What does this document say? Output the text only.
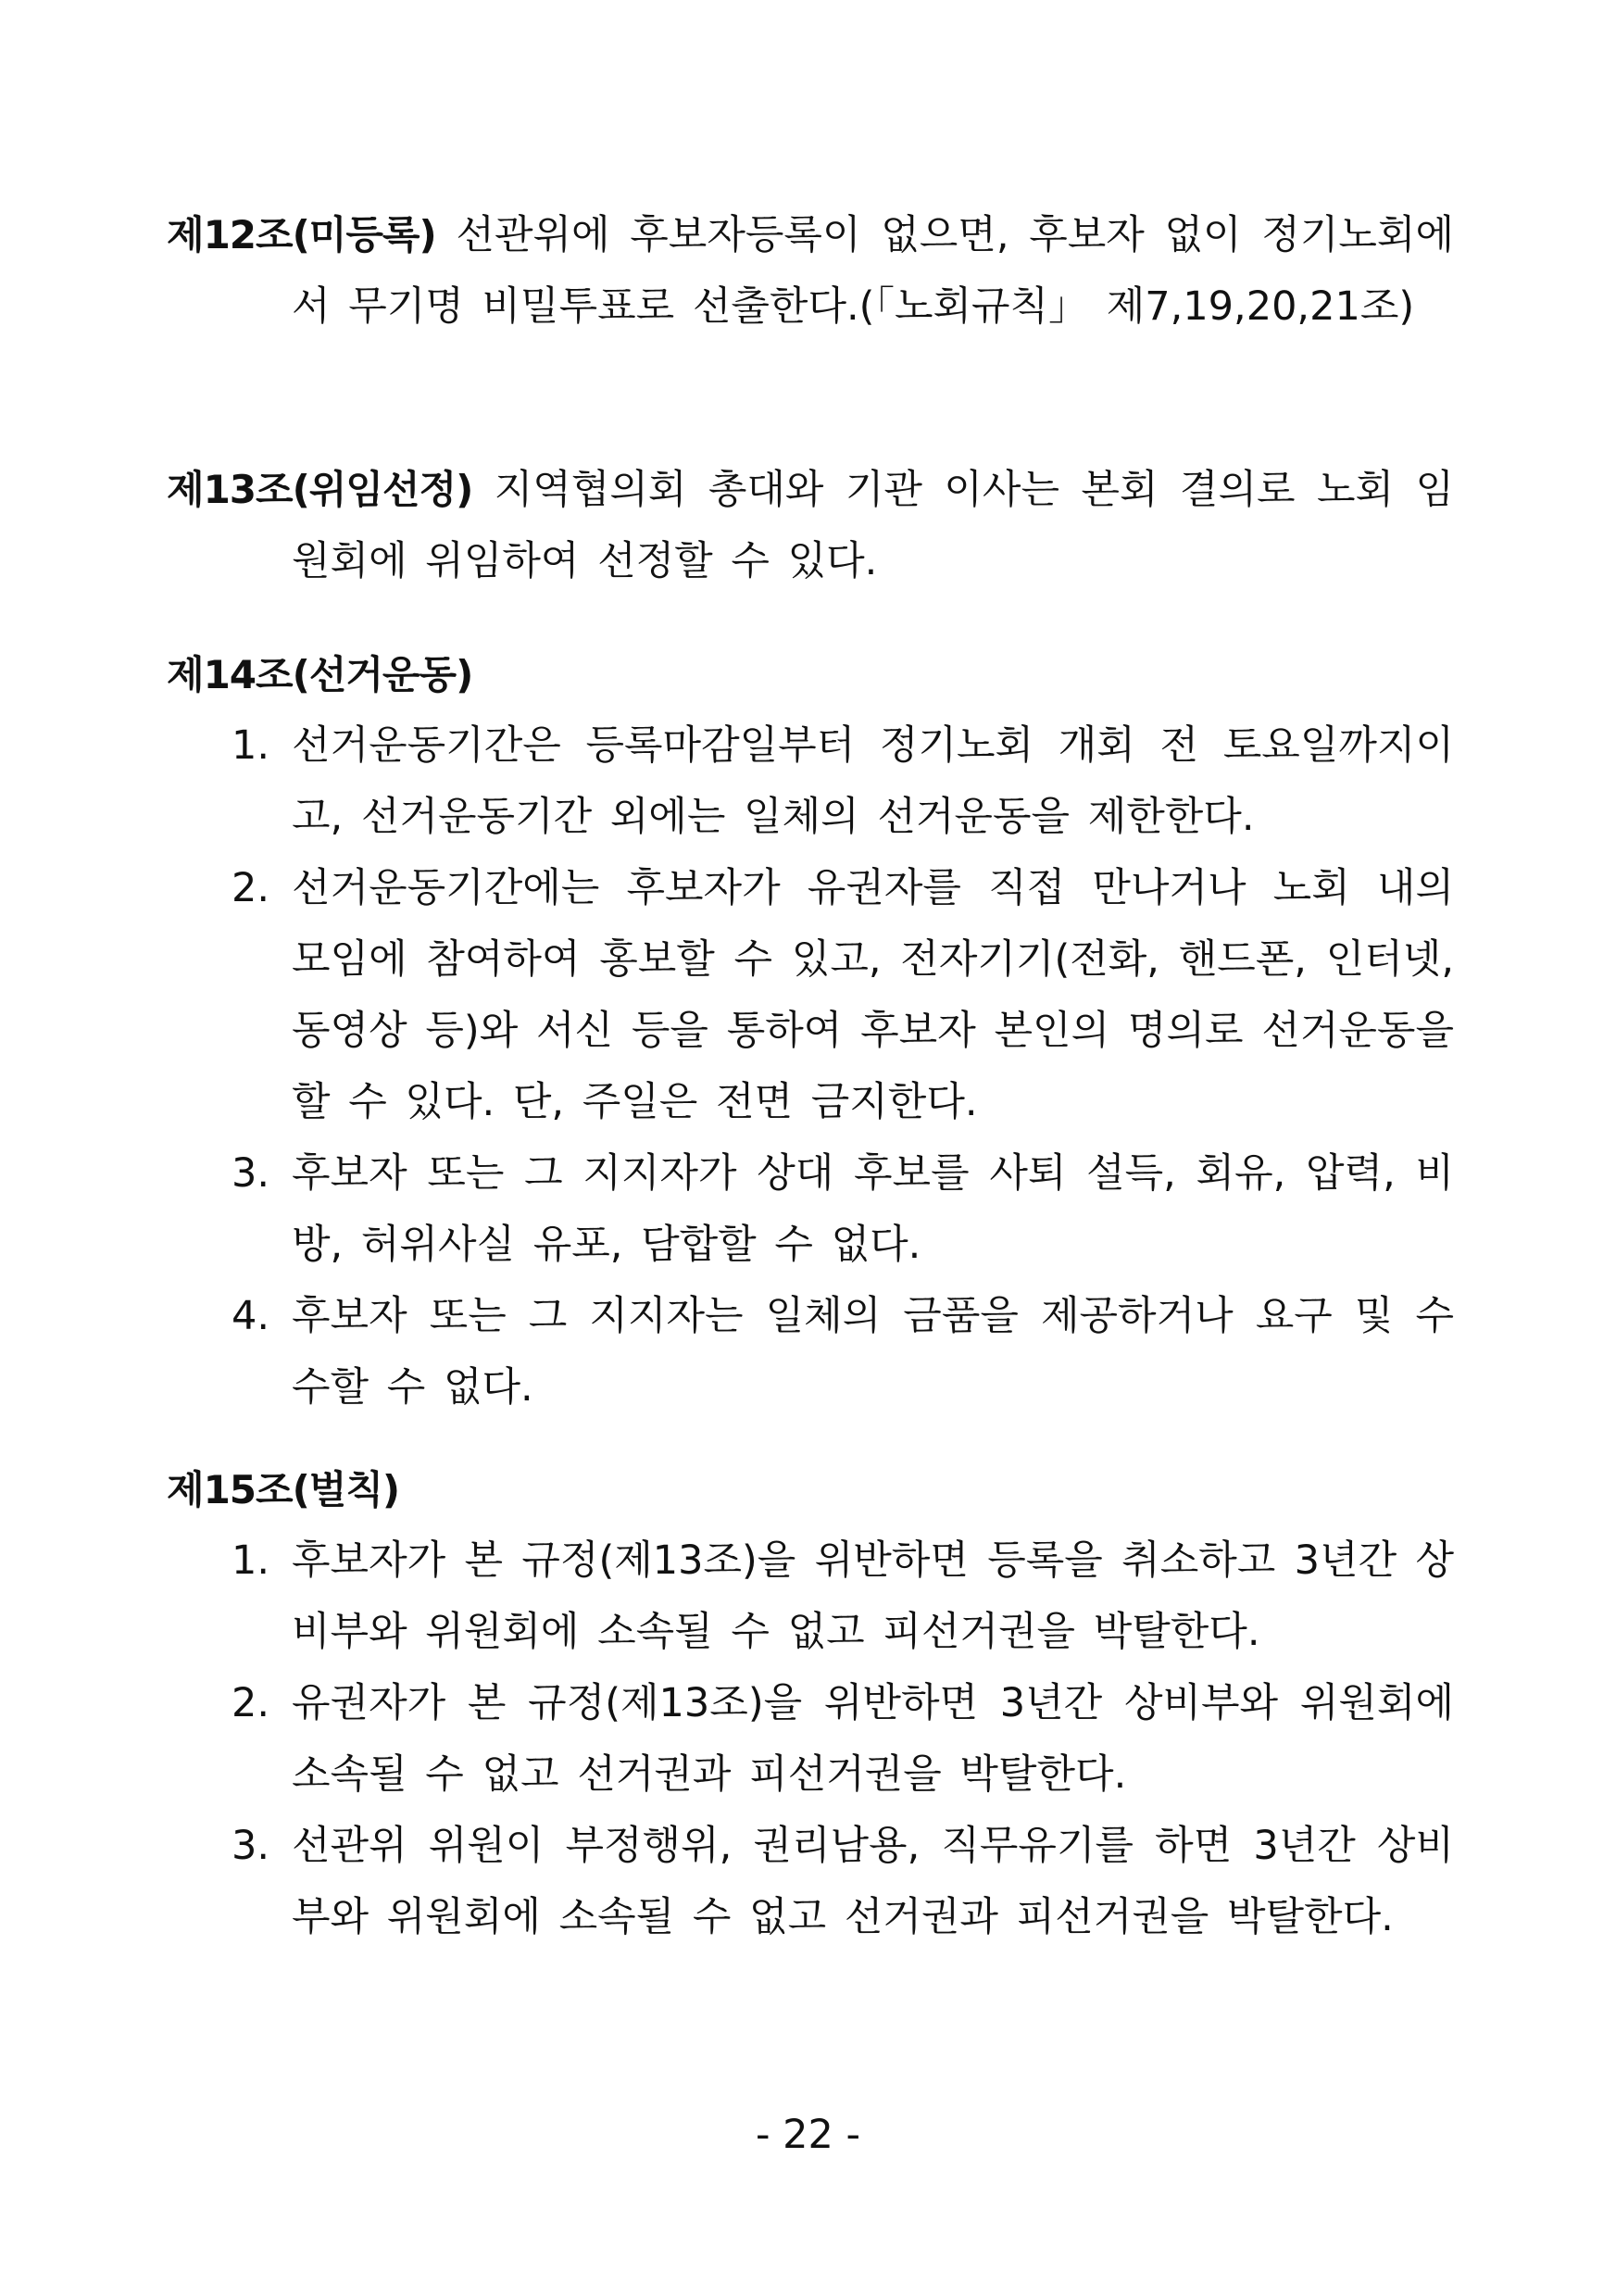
제12조(미등록) 선관위에 후보자등록이 없으면, 후보자 없이 정기노회에서 무기명 비밀투표로 선출한다.(「노회규칙」 제7,19,20,21조)
제13조(위임선정) 지역협의회 총대와 기관 이사는 본회 결의로 노회 임원회에 위임하여 선정할 수 있다.
제14조(선거운동)
1. 선거운동기간은 등록마감일부터 정기노회 개회 전 토요일까지이고, 선거운동기간 외에는 일체의 선거운동을 제한한다.
2. 선거운동기간에는 후보자가 유권자를 직접 만나거나 노회 내의 모임에 참여하여 홍보할 수 있고, 전자기기(전화, 핸드폰, 인터넷, 동영상 등)와 서신 등을 통하여 후보자 본인의 명의로 선거운동을 할 수 있다. 단, 주일은 전면 금지한다.
3. 후보자 또는 그 지지자가 상대 후보를 사퇴 설득, 회유, 압력, 비방, 허위사실 유포, 담합할 수 없다.
4. 후보자 또는 그 지지자는 일체의 금품을 제공하거나 요구 및 수수할 수 없다.
제15조(벌칙)
1. 후보자가 본 규정(제13조)을 위반하면 등록을 취소하고 3년간 상비부와 위원회에 소속될 수 없고 피선거권을 박탈한다.
2. 유권자가 본 규정(제13조)을 위반하면 3년간 상비부와 위원회에 소속될 수 없고 선거권과 피선거권을 박탈한다.
3. 선관위 위원이 부정행위, 권리남용, 직무유기를 하면 3년간 상비부와 위원회에 소속될 수 없고 선거권과 피선거권을 박탈한다.
- 22 -
